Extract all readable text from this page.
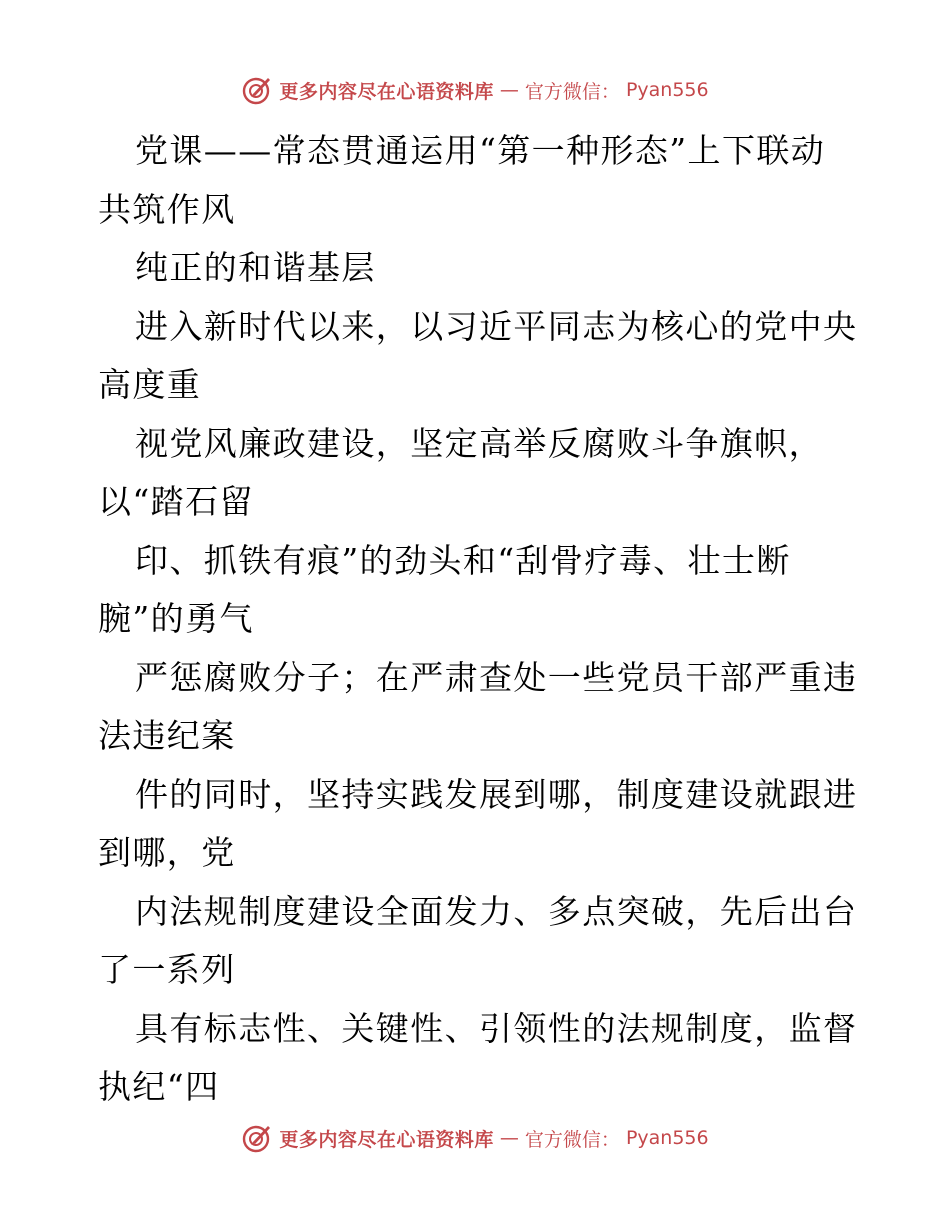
更多内容尽在心语资料库 — 官方微信： Pyan556
党课——常态贯通运用“第一种形态”上下联动
共筑作风
纯正的和谐基层
进入新时代以来，以习近平同志为核心的党中央
高度重
视党风廉政建设，坚定高举反腐败斗争旗帜，
以“踏石留
印、抓铁有痕”的劲头和“刮骨疗毒、壮士断
腕”的勇气
严惩腐败分子；在严肃查处一些党员干部严重违
法违纪案
件的同时，坚持实践发展到哪，制度建设就跟进
到哪，党
内法规制度建设全面发力、多点突破，先后出台
了一系列
具有标志性、关键性、引领性的法规制度，监督
执纪“四
更多内容尽在心语资料库 — 官方微信： Pyan556
